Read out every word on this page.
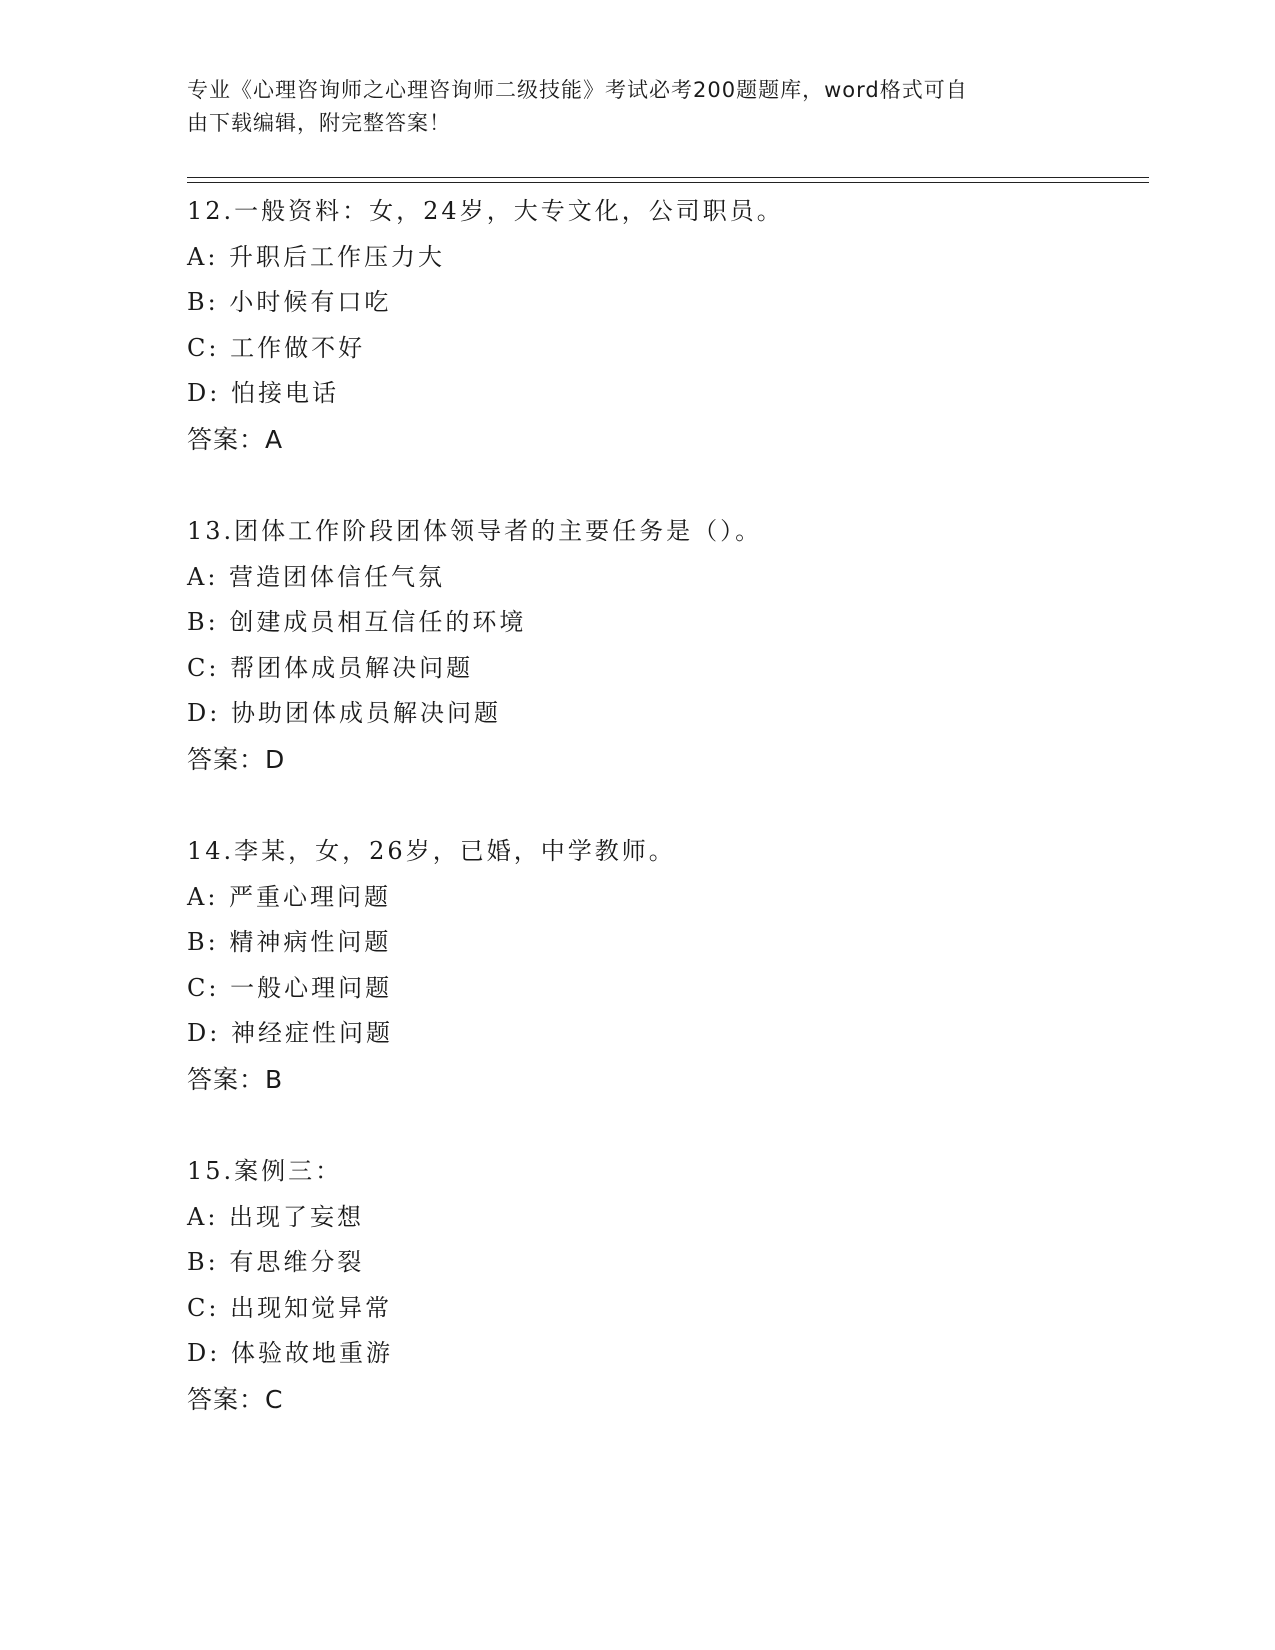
专业《心理咨询师之心理咨询师二级技能》考试必考200题题库，word格式可自
由下载编辑，附完整答案！
12.一般资料：女，24岁，大专文化，公司职员。
A: 升职后工作压力大
B: 小时候有口吃
C: 工作做不好
D: 怕接电话
答案：A
13.团体工作阶段团体领导者的主要任务是（）。
A: 营造团体信任气氛
B: 创建成员相互信任的环境
C: 帮团体成员解决问题
D: 协助团体成员解决问题
答案：D
14.李某，女，26岁，已婚，中学教师。
A: 严重心理问题
B: 精神病性问题
C: 一般心理问题
D: 神经症性问题
答案：B
15.案例三：
A: 出现了妄想
B: 有思维分裂
C: 出现知觉异常
D: 体验故地重游
答案：C
